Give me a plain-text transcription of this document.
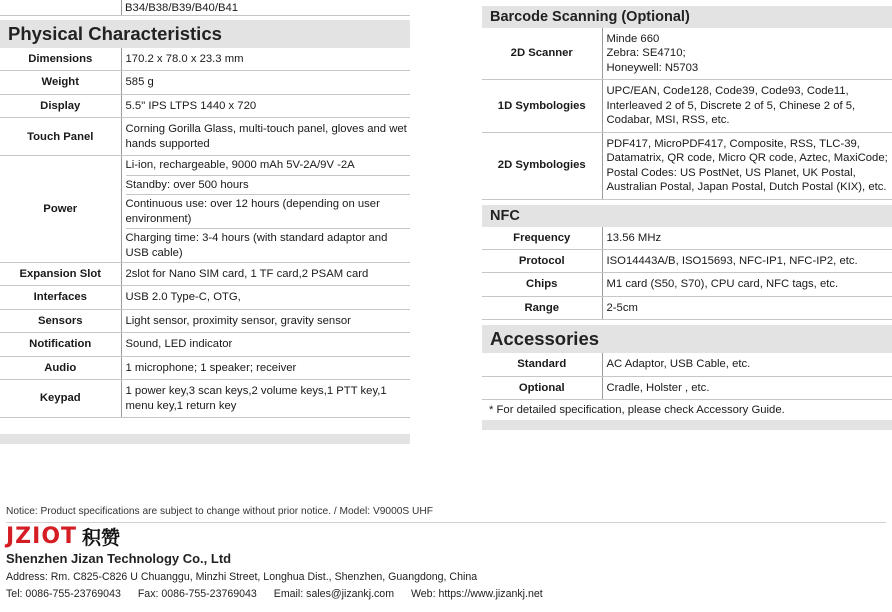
B34/B38/B39/B40/B41
Physical Characteristics
Dimensions	170.2 x 78.0 x 23.3 mm

Weight	585 g

Display	5.5" IPS LTPS 1440 x 720

Touch Panel	Corning Gorilla Glass, multi-touch panel, gloves and wet hands supported

Power	Li-ion, rechargeable, 9000 mAh 5V-2A/9V -2A
Standby: over 500 hours
Continuous use: over 12 hours (depending on user environment)
Charging time: 3-4 hours (with standard adaptor and USB cable)

Expansion Slot	2slot for Nano SIM card, 1 TF card,2 PSAM card

Interfaces	USB 2.0 Type-C, OTG,

Sensors	Light sensor, proximity sensor, gravity sensor

Notification	Sound, LED indicator

Audio	1 microphone; 1 speaker; receiver

Keypad	1 power key,3 scan keys,2 volume keys,1 PTT key,1 menu key,1 return key
Barcode Scanning (Optional)
2D Scanner	Minde 660
Zebra: SE4710;
Honeywell: N5703

1D Symbologies	UPC/EAN, Code128, Code39, Code93, Code11, Interleaved 2 of 5, Discrete 2 of 5, Chinese 2 of 5, Codabar, MSI, RSS, etc.

2D Symbologies	PDF417, MicroPDF417, Composite, RSS, TLC-39, Datamatrix, QR code, Micro QR code, Aztec, MaxiCode; Postal Codes: US PostNet, US Planet, UK Postal, Australian Postal, Japan Postal, Dutch Postal (KIX), etc.
NFC
Frequency	13.56 MHz

Protocol	ISO14443A/B, ISO15693, NFC-IP1, NFC-IP2, etc.

Chips	M1 card (S50, S70), CPU card, NFC tags, etc.

Range	2-5cm
Accessories
Standard	AC Adaptor, USB Cable, etc.

Optional	Cradle, Holster , etc.
* For detailed specification, please check Accessory Guide.
Notice: Product specifications are subject to change without prior notice. / Model: V9000S UHF
JZIOT 积赞
Shenzhen Jizan Technology Co., Ltd
Address: Rm. C825-C826 U Chuanggu, Minzhi Street, Longhua Dist., Shenzhen, Guangdong, China
Tel: 0086-755-23769043 Fax: 0086-755-23769043 Email: sales@jizankj.com Web: https://www.jizankj.net
